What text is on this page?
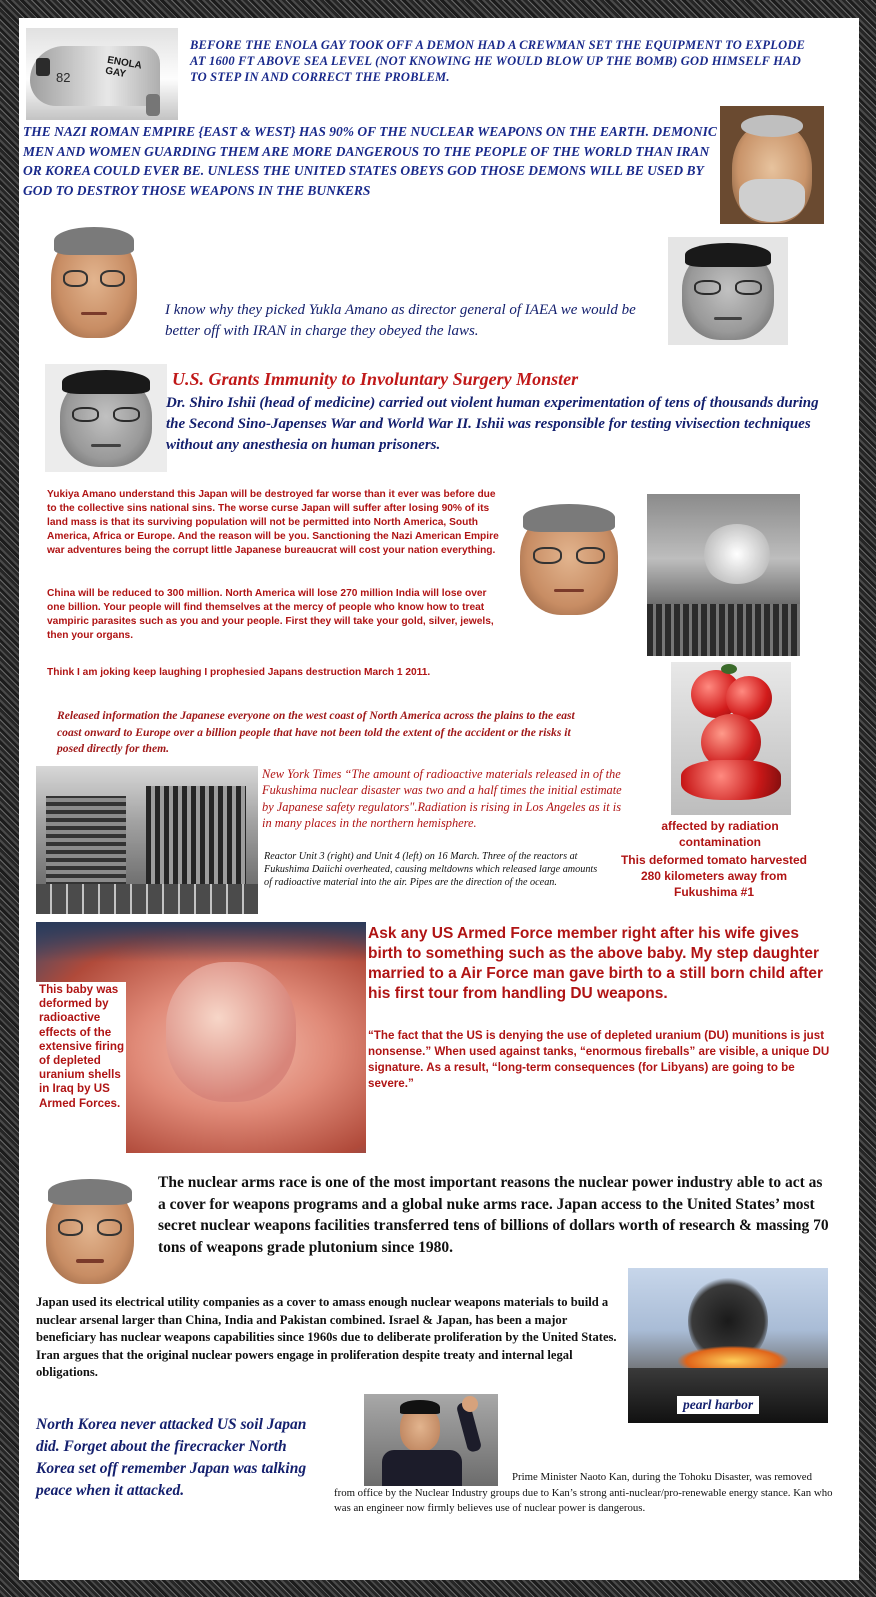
82
ENOLA GAY
BEFORE THE ENOLA GAY TOOK OFF A DEMON HAD A CREWMAN SET THE EQUIPMENT TO EXPLODE AT 1600 FT ABOVE SEA LEVEL (NOT KNOWING HE WOULD BLOW UP THE BOMB) GOD HIMSELF HAD TO STEP IN AND CORRECT THE PROBLEM.
THE NAZI ROMAN EMPIRE {EAST & WEST} HAS 90% OF THE NUCLEAR WEAPONS ON THE EARTH. DEMONIC MEN AND WOMEN GUARDING THEM ARE MORE DANGEROUS TO THE PEOPLE OF THE WORLD THAN IRAN OR KOREA COULD EVER BE. UNLESS THE UNITED STATES OBEYS GOD THOSE DEMONS WILL BE USED BY GOD TO DESTROY THOSE WEAPONS IN THE BUNKERS
I know why they picked Yukla Amano as director general of IAEA we would be better off with IRAN in charge they obeyed the laws.
U.S. Grants Immunity to Involuntary Surgery Monster
Dr. Shiro Ishii (head of medicine) carried out violent human experimentation of tens of thousands during the Second Sino-Japenses War and World War II. Ishii was responsible for testing vivisection techniques without any anesthesia on human prisoners.
Yukiya Amano understand this Japan will be destroyed far worse than it ever was before due to the collective sins national sins. The worse curse Japan will suffer after losing 90% of its land mass is that its surviving population will not be permitted into North America, South America, Africa or Europe. And the reason will be you. Sanctioning the Nazi American Empire war adventures being the corrupt little Japanese bureaucrat will cost your nation everything.
China will be reduced to 300 million. North America will lose 270 million India will lose over one billion. Your people will find themselves at the mercy of people who know how to treat vampiric parasites such as you and your people. First they will take your gold, silver, jewels, then your organs.
Think I am joking keep laughing I prophesied Japans destruction March 1 2011.
Released information the Japanese everyone on the west coast of North America across the plains to the east coast onward to Europe over a billion people that have not been told the extent of the accident or the risks it posed directly for them.
affected by radiation contamination
This deformed tomato harvested 280 kilometers away from Fukushima #1
New York Times “The amount of radioactive materials released in of the Fukushima nuclear disaster was two and a half times the initial estimate by Japanese safety regulators".Radiation is rising in Los Angeles as it is in many places in the northern hemisphere.
Reactor Unit 3 (right) and Unit 4 (left) on 16 March. Three of the reactors at Fukushima Daiichi overheated, causing meltdowns which released large amounts of radioactive material into the air. Pipes are the direction of the ocean.
This baby was deformed by radioactive effects of the extensive firing of depleted uranium shells in Iraq by US Armed Forces.
Ask any US Armed Force member right after his wife gives birth to something such as the above baby. My step daughter married to a Air Force man gave birth to a still born child after his first tour from handling DU weapons.
“The fact that the US is denying the use of depleted uranium (DU) munitions is just nonsense.” When used against tanks, “enormous fireballs” are visible, a unique DU signature. As a result, “long-term consequences (for Libyans) are going to be severe.”
The nuclear arms race is one of the most important reasons the nuclear power industry able to act as a cover for weapons programs and a global nuke arms race. Japan access to the United States’ most secret nuclear weapons facilities transferred tens of billions of dollars worth of research & massing 70 tons of weapons grade plutonium since 1980.
Japan used its electrical utility companies as a cover to amass enough nuclear weapons materials to build a nuclear arsenal larger than China, India and Pakistan combined. Israel & Japan, has been a major beneficiary has nuclear weapons capabilities since 1960s due to deliberate proliferation by the United States. Iran argues that the original nuclear powers engage in proliferation despite treaty and internal legal obligations.
pearl harbor
North Korea never attacked US soil Japan did. Forget about the firecracker North Korea set off remember Japan was talking peace when it attacked.
Prime Minister Naoto Kan, during the Tohoku Disaster, was removed from office by the Nuclear Industry groups due to Kan’s strong anti-nuclear/pro-renewable energy stance. Kan who was an engineer now firmly believes use of nuclear power is dangerous.
